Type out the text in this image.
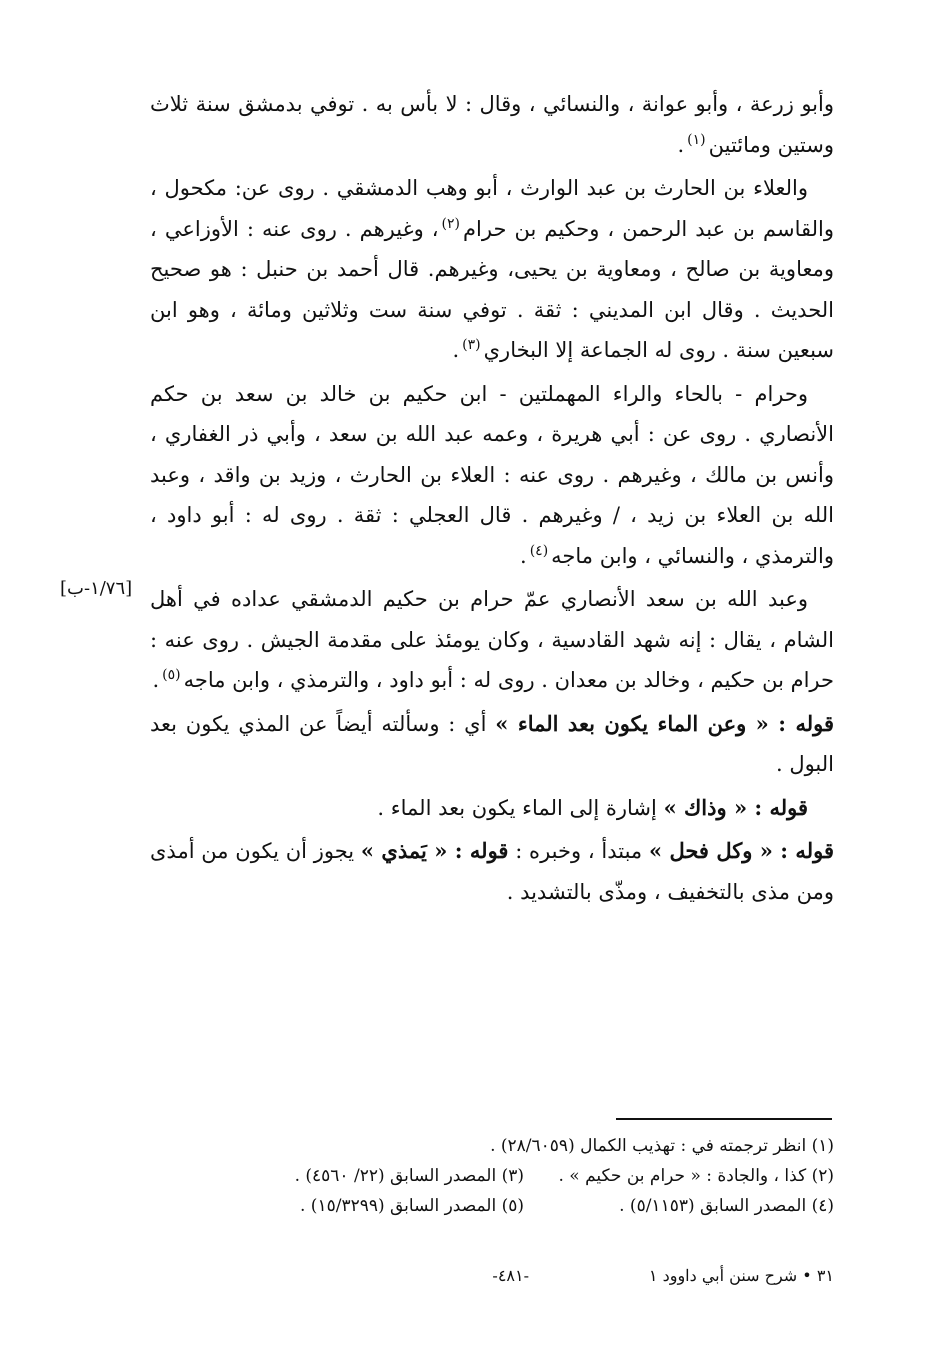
وأبو زرعة ، وأبو عوانة ، والنسائي ، وقال : لا بأس به . توفي بدمشق سنة ثلاث وستين ومائتين$^{(١)}$.

والعلاء بن الحارث بن عبد الوارث ، أبو وهب الدمشقي . روى عن: مكحول ، والقاسم بن عبد الرحمن ، وحكيم بن حرام$^{(٢)}$، وغيرهم . روى عنه : الأوزاعي ، ومعاوية بن صالح ، ومعاوية بن يحيى، وغيرهم. قال أحمد بن حنبل : هو صحيح الحديث . وقال ابن المديني : ثقة . توفي سنة ست وثلاثين ومائة ، وهو ابن سبعين سنة . روى له الجماعة إلا البخاري$^{(٣)}$.

وحرام - بالحاء والراء المهملتين - ابن حكيم بن خالد بن سعد بن حكم الأنصاري . روى عن : أبي هريرة ، وعمه عبد الله بن سعد ، وأبي ذر الغفاري ، وأنس بن مالك ، وغيرهم . روى عنه : العلاء بن الحارث ، وزيد بن واقد ، وعبد الله بن العلاء بن زيد ، / وغيرهم . قال العجلي : ثقة . روى له : أبو داود ، والترمذي ، والنسائي ، وابن ماجه$^{(٤)}$.

وعبد الله بن سعد الأنصاري عمّ حرام بن حكيم الدمشقي عداده في أهل الشام ، يقال : إنه شهد القادسية ، وكان يومئذ على مقدمة الجيش . روى عنه : حرام بن حكيم ، وخالد بن معدان . روى له : أبو داود ، والترمذي ، وابن ماجه$^{(٥)}$.

قوله : « وعن الماء يكون بعد الماء » أي : وسألته أيضاً عن المذي يكون بعد البول .

قوله : « وذاك » إشارة إلى الماء يكون بعد الماء .

قوله : « وكل فحل » مبتدأ ، وخبره : قوله : « يَمذي » يجوز أن يكون من أمذى ومن مذى بالتخفيف ، ومذّى بالتشديد .

[١/٧٦-ب]
(١) انظر ترجمته في : تهذيب الكمال (٢٨/٦٠٥٩) .
(٢) كذا ، والجادة : « حرام بن حكيم » .
(٣) المصدر السابق (٢٢/ ٤٥٦٠) .
(٤) المصدر السابق (٥/١١٥٣) .
(٥) المصدر السابق (١٥/٣٢٩٩) .
٣١ • شرح سنن أبي داوود ١
-٤٨١-
